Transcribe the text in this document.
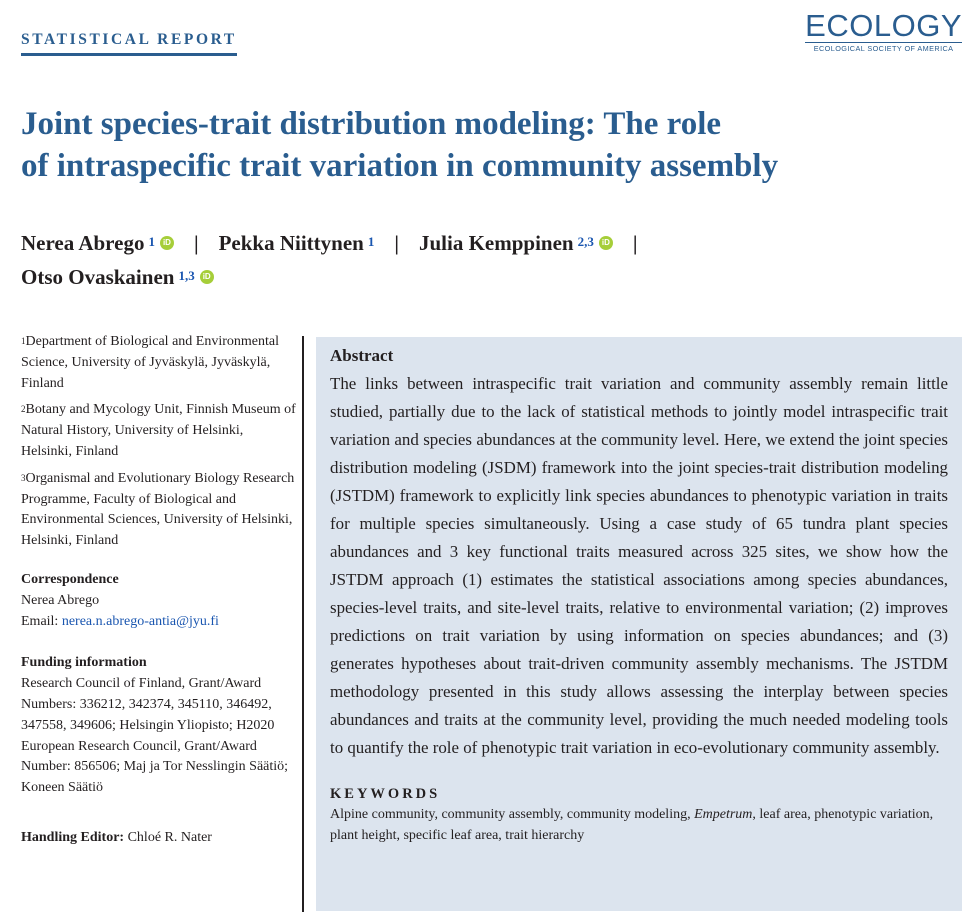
STATISTICAL REPORT	ECOLOGY
ECOLOGICAL SOCIETY OF AMERICA
Joint species-trait distribution modeling: The role
of intraspecific trait variation in community assembly
Nerea Abrego $^1$ iD | Pekka Niittynen $^1$ | Julia Kemppinen $^{2,3}$ iD |
Otso Ovaskainen $^{1,3}$ iD
$^1$Department of Biological and Environmental Science, University of Jyväskylä, Jyväskylä, Finland
$^2$Botany and Mycology Unit, Finnish Museum of Natural History, University of Helsinki, Helsinki, Finland
$^3$Organismal and Evolutionary Biology Research Programme, Faculty of Biological and Environmental Sciences, University of Helsinki, Helsinki, Finland
Correspondence
Nerea Abrego
Email: nerea.n.abrego-antia@jyu.fi
Funding information
Research Council of Finland, Grant/Award Numbers: 336212, 342374, 345110, 346492, 347558, 349606; Helsingin Yliopisto; H2020 European Research Council, Grant/Award Number: 856506; Maj ja Tor Nesslingin Säätiö; Koneen Säätiö
Handling Editor: Chloé R. Nater
Abstract

The links between intraspecific trait variation and community assembly remain little studied, partially due to the lack of statistical methods to jointly model intraspecific trait variation and species abundances at the community level. Here, we extend the joint species distribution modeling (JSDM) framework into the joint species-trait distribution modeling (JSTDM) framework to explicitly link species abundances to phenotypic variation in traits for multiple species simultaneously. Using a case study of 65 tundra plant species abundances and 3 key functional traits measured across 325 sites, we show how the JSTDM approach (1) estimates the statistical associations among species abundances, species-level traits, and site-level traits, relative to environmental variation; (2) improves predictions on trait variation by using information on species abundances; and (3) generates hypotheses about trait-driven community assembly mechanisms. The JSTDM methodology presented in this study allows assessing the interplay between species abundances and traits at the community level, providing the much needed modeling tools to quantify the role of phenotypic trait variation in eco-evolutionary community assembly.

KEYWORDS

Alpine community, community assembly, community modeling, Empetrum, leaf area, phenotypic variation, plant height, specific leaf area, trait hierarchy
